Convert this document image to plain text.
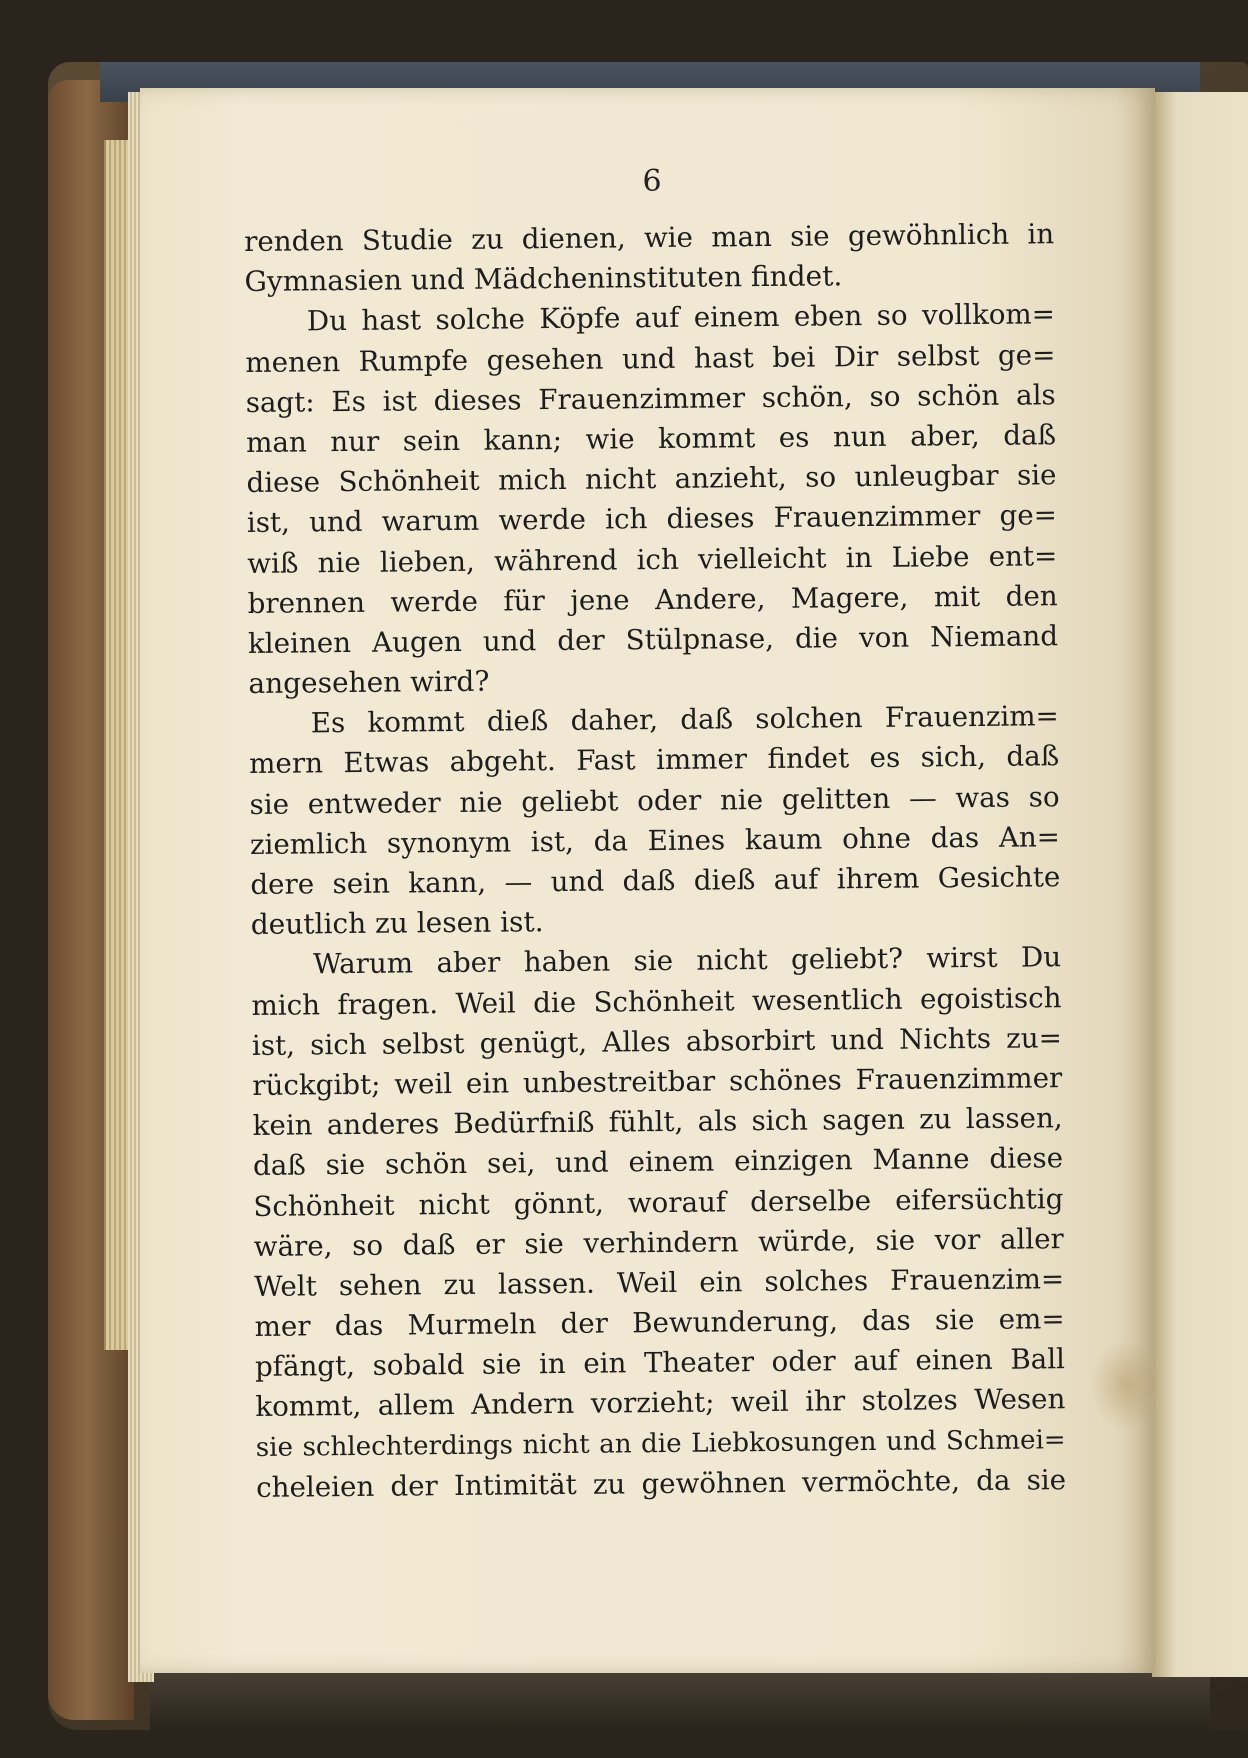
6
renden Studie zu dienen, wie man sie gewöhnlich in
Gymnasien und Mädcheninstituten findet.
Du hast solche Köpfe auf einem eben so vollkom=
menen Rumpfe gesehen und hast bei Dir selbst ge=
sagt: Es ist dieses Frauenzimmer schön, so schön als
man nur sein kann; wie kommt es nun aber, daß
diese Schönheit mich nicht anzieht, so unleugbar sie
ist, und warum werde ich dieses Frauenzimmer ge=
wiß nie lieben, während ich vielleicht in Liebe ent=
brennen werde für jene Andere, Magere, mit den
kleinen Augen und der Stülpnase, die von Niemand
angesehen wird?
Es kommt dieß daher, daß solchen Frauenzim=
mern Etwas abgeht. Fast immer findet es sich, daß
sie entweder nie geliebt oder nie gelitten — was so
ziemlich synonym ist, da Eines kaum ohne das An=
dere sein kann, — und daß dieß auf ihrem Gesichte
deutlich zu lesen ist.
Warum aber haben sie nicht geliebt? wirst Du
mich fragen. Weil die Schönheit wesentlich egoistisch
ist, sich selbst genügt, Alles absorbirt und Nichts zu=
rückgibt; weil ein unbestreitbar schönes Frauenzimmer
kein anderes Bedürfniß fühlt, als sich sagen zu lassen,
daß sie schön sei, und einem einzigen Manne diese
Schönheit nicht gönnt, worauf derselbe eifersüchtig
wäre, so daß er sie verhindern würde, sie vor aller
Welt sehen zu lassen. Weil ein solches Frauenzim=
mer das Murmeln der Bewunderung, das sie em=
pfängt, sobald sie in ein Theater oder auf einen Ball
kommt, allem Andern vorzieht; weil ihr stolzes Wesen
sie schlechterdings nicht an die Liebkosungen und Schmei=
cheleien der Intimität zu gewöhnen vermöchte, da sie
